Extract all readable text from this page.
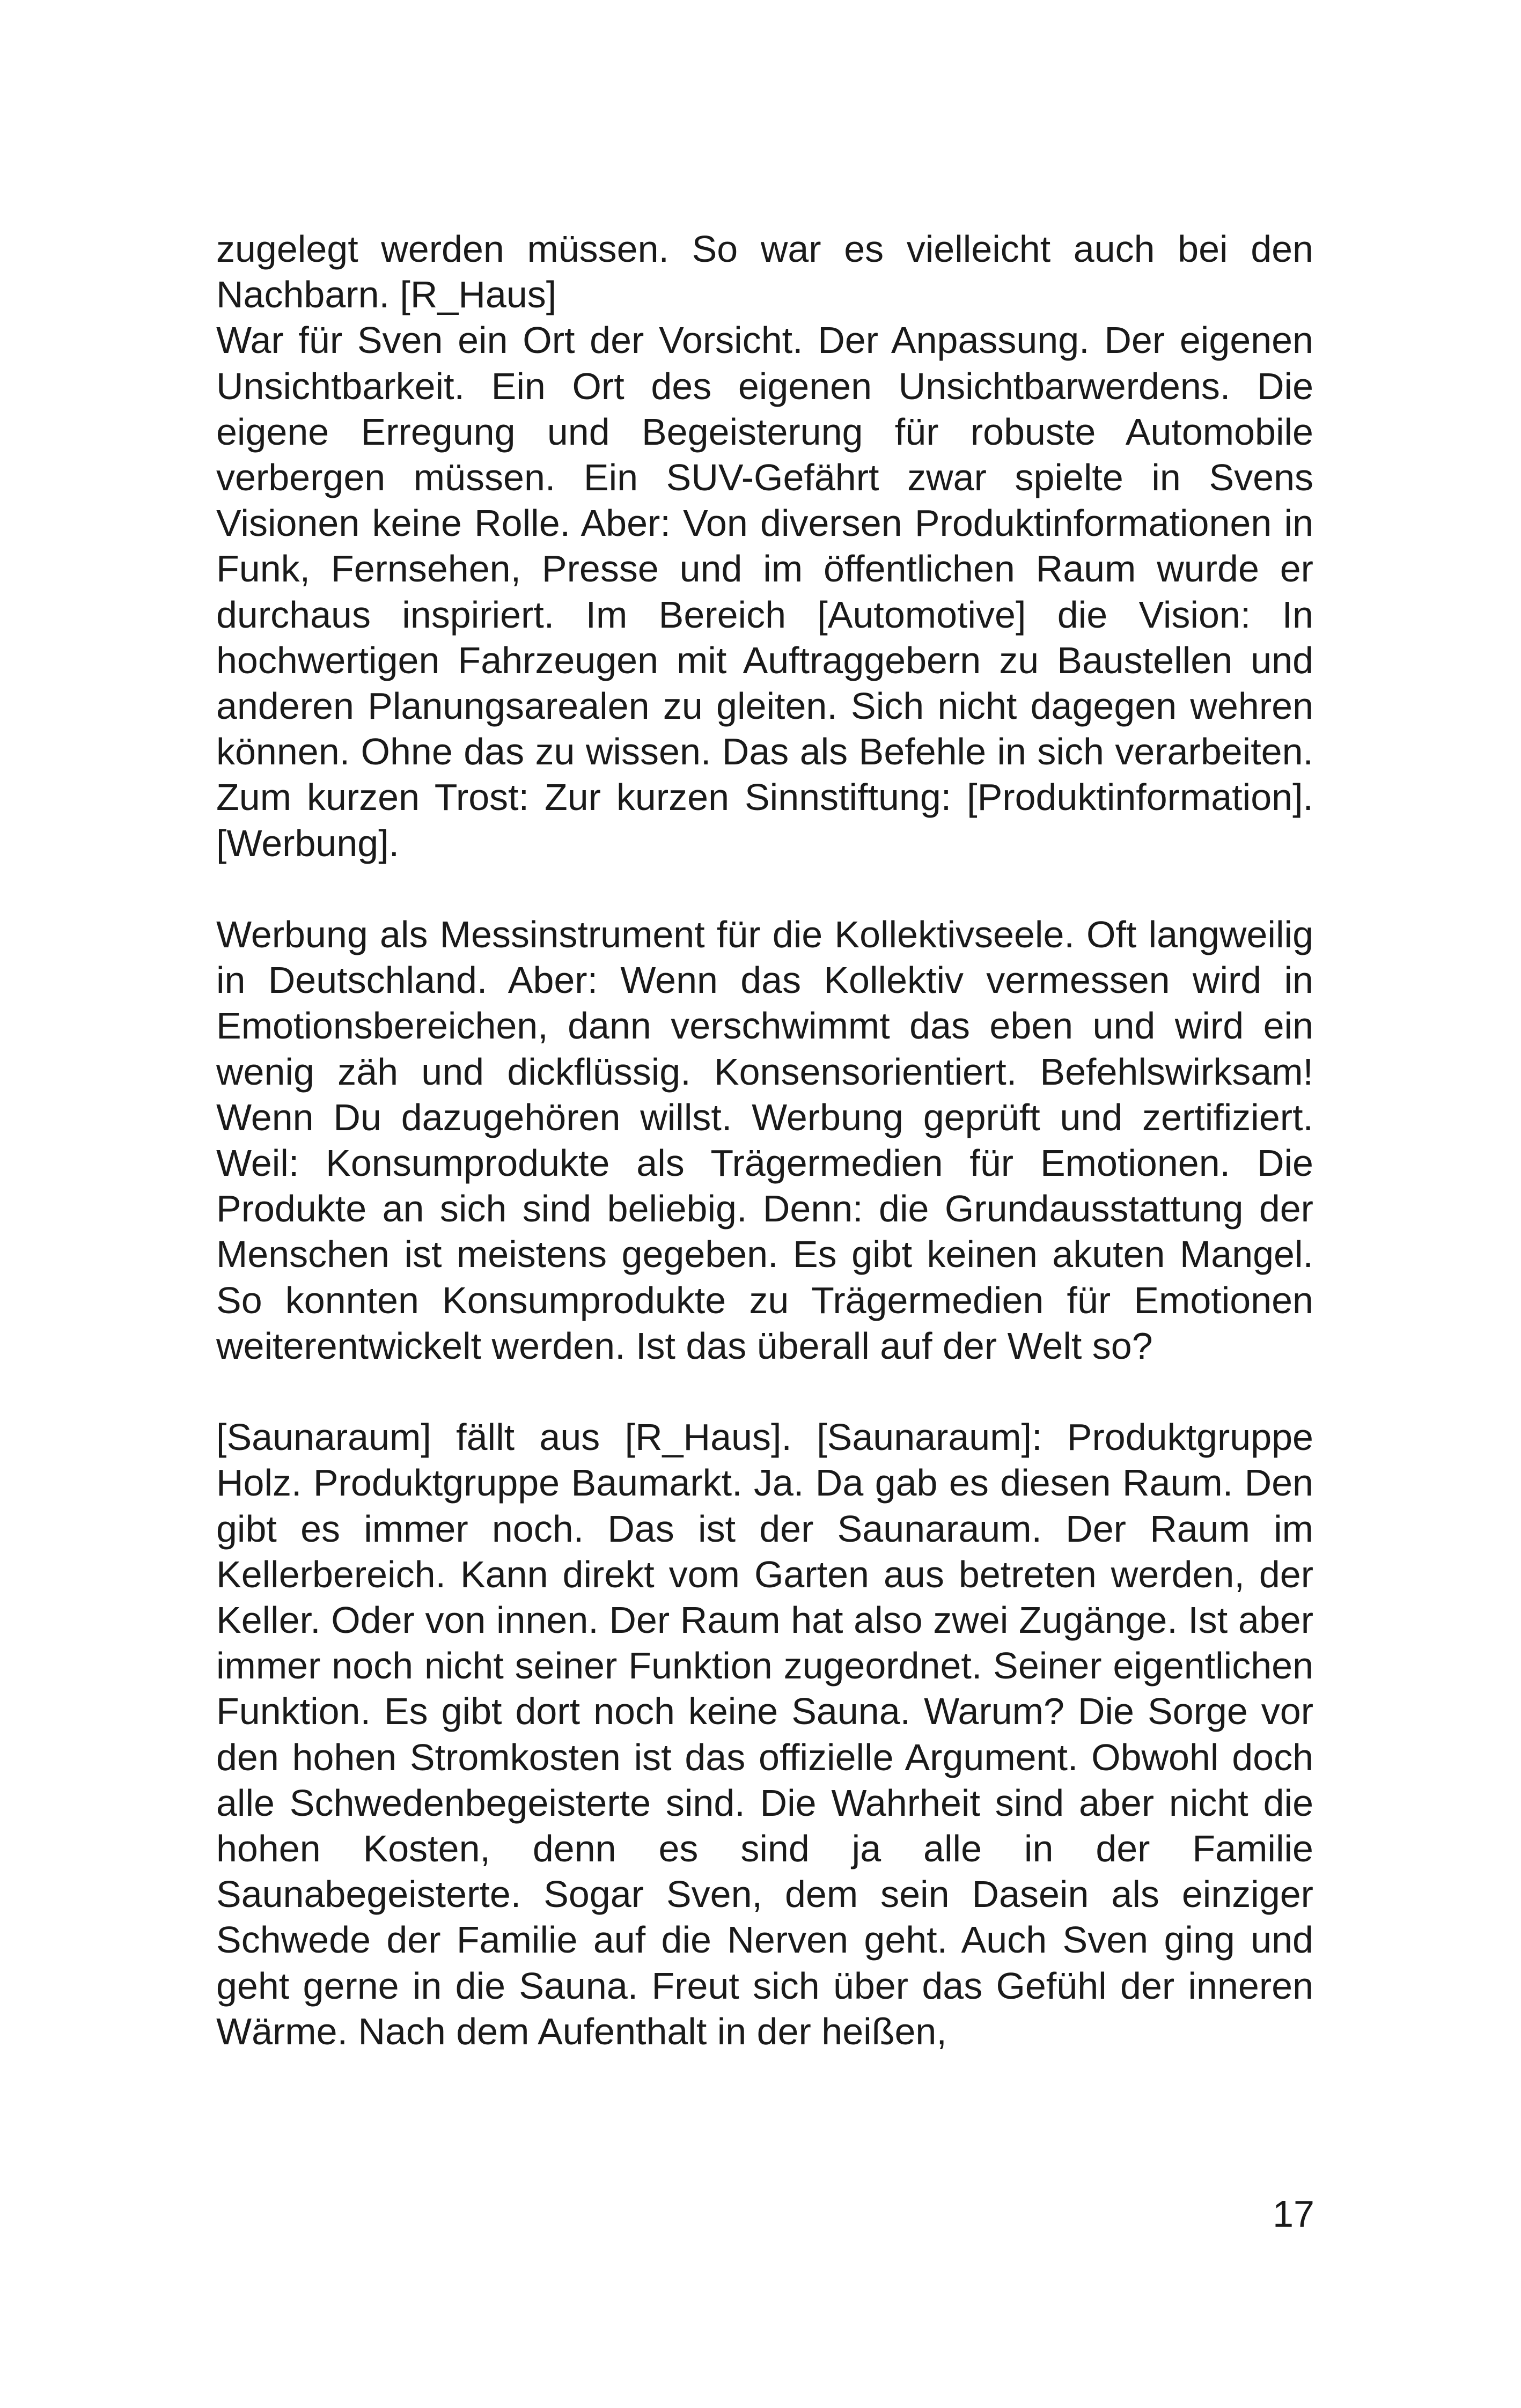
zugelegt werden müssen. So war es vielleicht auch bei den Nachbarn. [R_Haus]

War für Sven ein Ort der Vorsicht. Der Anpassung. Der eigenen Unsichtbarkeit. Ein Ort des eigenen Unsichtbarwerdens. Die eigene Erregung und Begeisterung für robuste Automobile verbergen müssen. Ein SUV-Gefährt zwar spielte in Svens Visionen keine Rolle. Aber: Von diversen Produktinformationen in Funk, Fernsehen, Presse und im öffentlichen Raum wurde er durchaus inspiriert. Im Bereich [Automotive] die Vision: In hochwertigen Fahrzeugen mit Auftraggebern zu Baustellen und anderen Planungsarealen zu gleiten. Sich nicht dagegen wehren können. Ohne das zu wissen. Das als Befehle in sich verarbeiten. Zum kurzen Trost: Zur kurzen Sinnstiftung: [Produktinformation]. [Werbung].

Werbung als Messinstrument für die Kollektivseele. Oft langweilig in Deutschland. Aber: Wenn das Kollektiv vermessen wird in Emotionsbereichen, dann verschwimmt das eben und wird ein wenig zäh und dickflüssig. Konsensorientiert. Befehlswirksam! Wenn Du dazugehören willst. Werbung geprüft und zertifiziert. Weil: Konsumprodukte als Trägermedien für Emotionen. Die Produkte an sich sind beliebig. Denn: die Grundausstattung der Menschen ist meistens gegeben. Es gibt keinen akuten Mangel. So konnten Konsumprodukte zu Trägermedien für Emotionen weiterentwickelt werden. Ist das überall auf der Welt so?

[Saunaraum] fällt aus [R_Haus]. [Saunaraum]: Produktgruppe Holz. Produktgruppe Baumarkt. Ja. Da gab es diesen Raum. Den gibt es immer noch. Das ist der Saunaraum. Der Raum im Kellerbereich. Kann direkt vom Garten aus betreten werden, der Keller. Oder von innen. Der Raum hat also zwei Zugänge. Ist aber immer noch nicht seiner Funktion zugeordnet. Seiner eigentlichen Funktion. Es gibt dort noch keine Sauna. Warum? Die Sorge vor den hohen Stromkosten ist das offizielle Argument. Obwohl doch alle Schwedenbegeisterte sind. Die Wahrheit sind aber nicht die hohen Kosten, denn es sind ja alle in der Familie Saunabegeisterte. Sogar Sven, dem sein Dasein als einziger Schwede der Familie auf die Nerven geht. Auch Sven ging und geht gerne in die Sauna. Freut sich über das Gefühl der inneren Wärme. Nach dem Aufenthalt in der heißen,

17
